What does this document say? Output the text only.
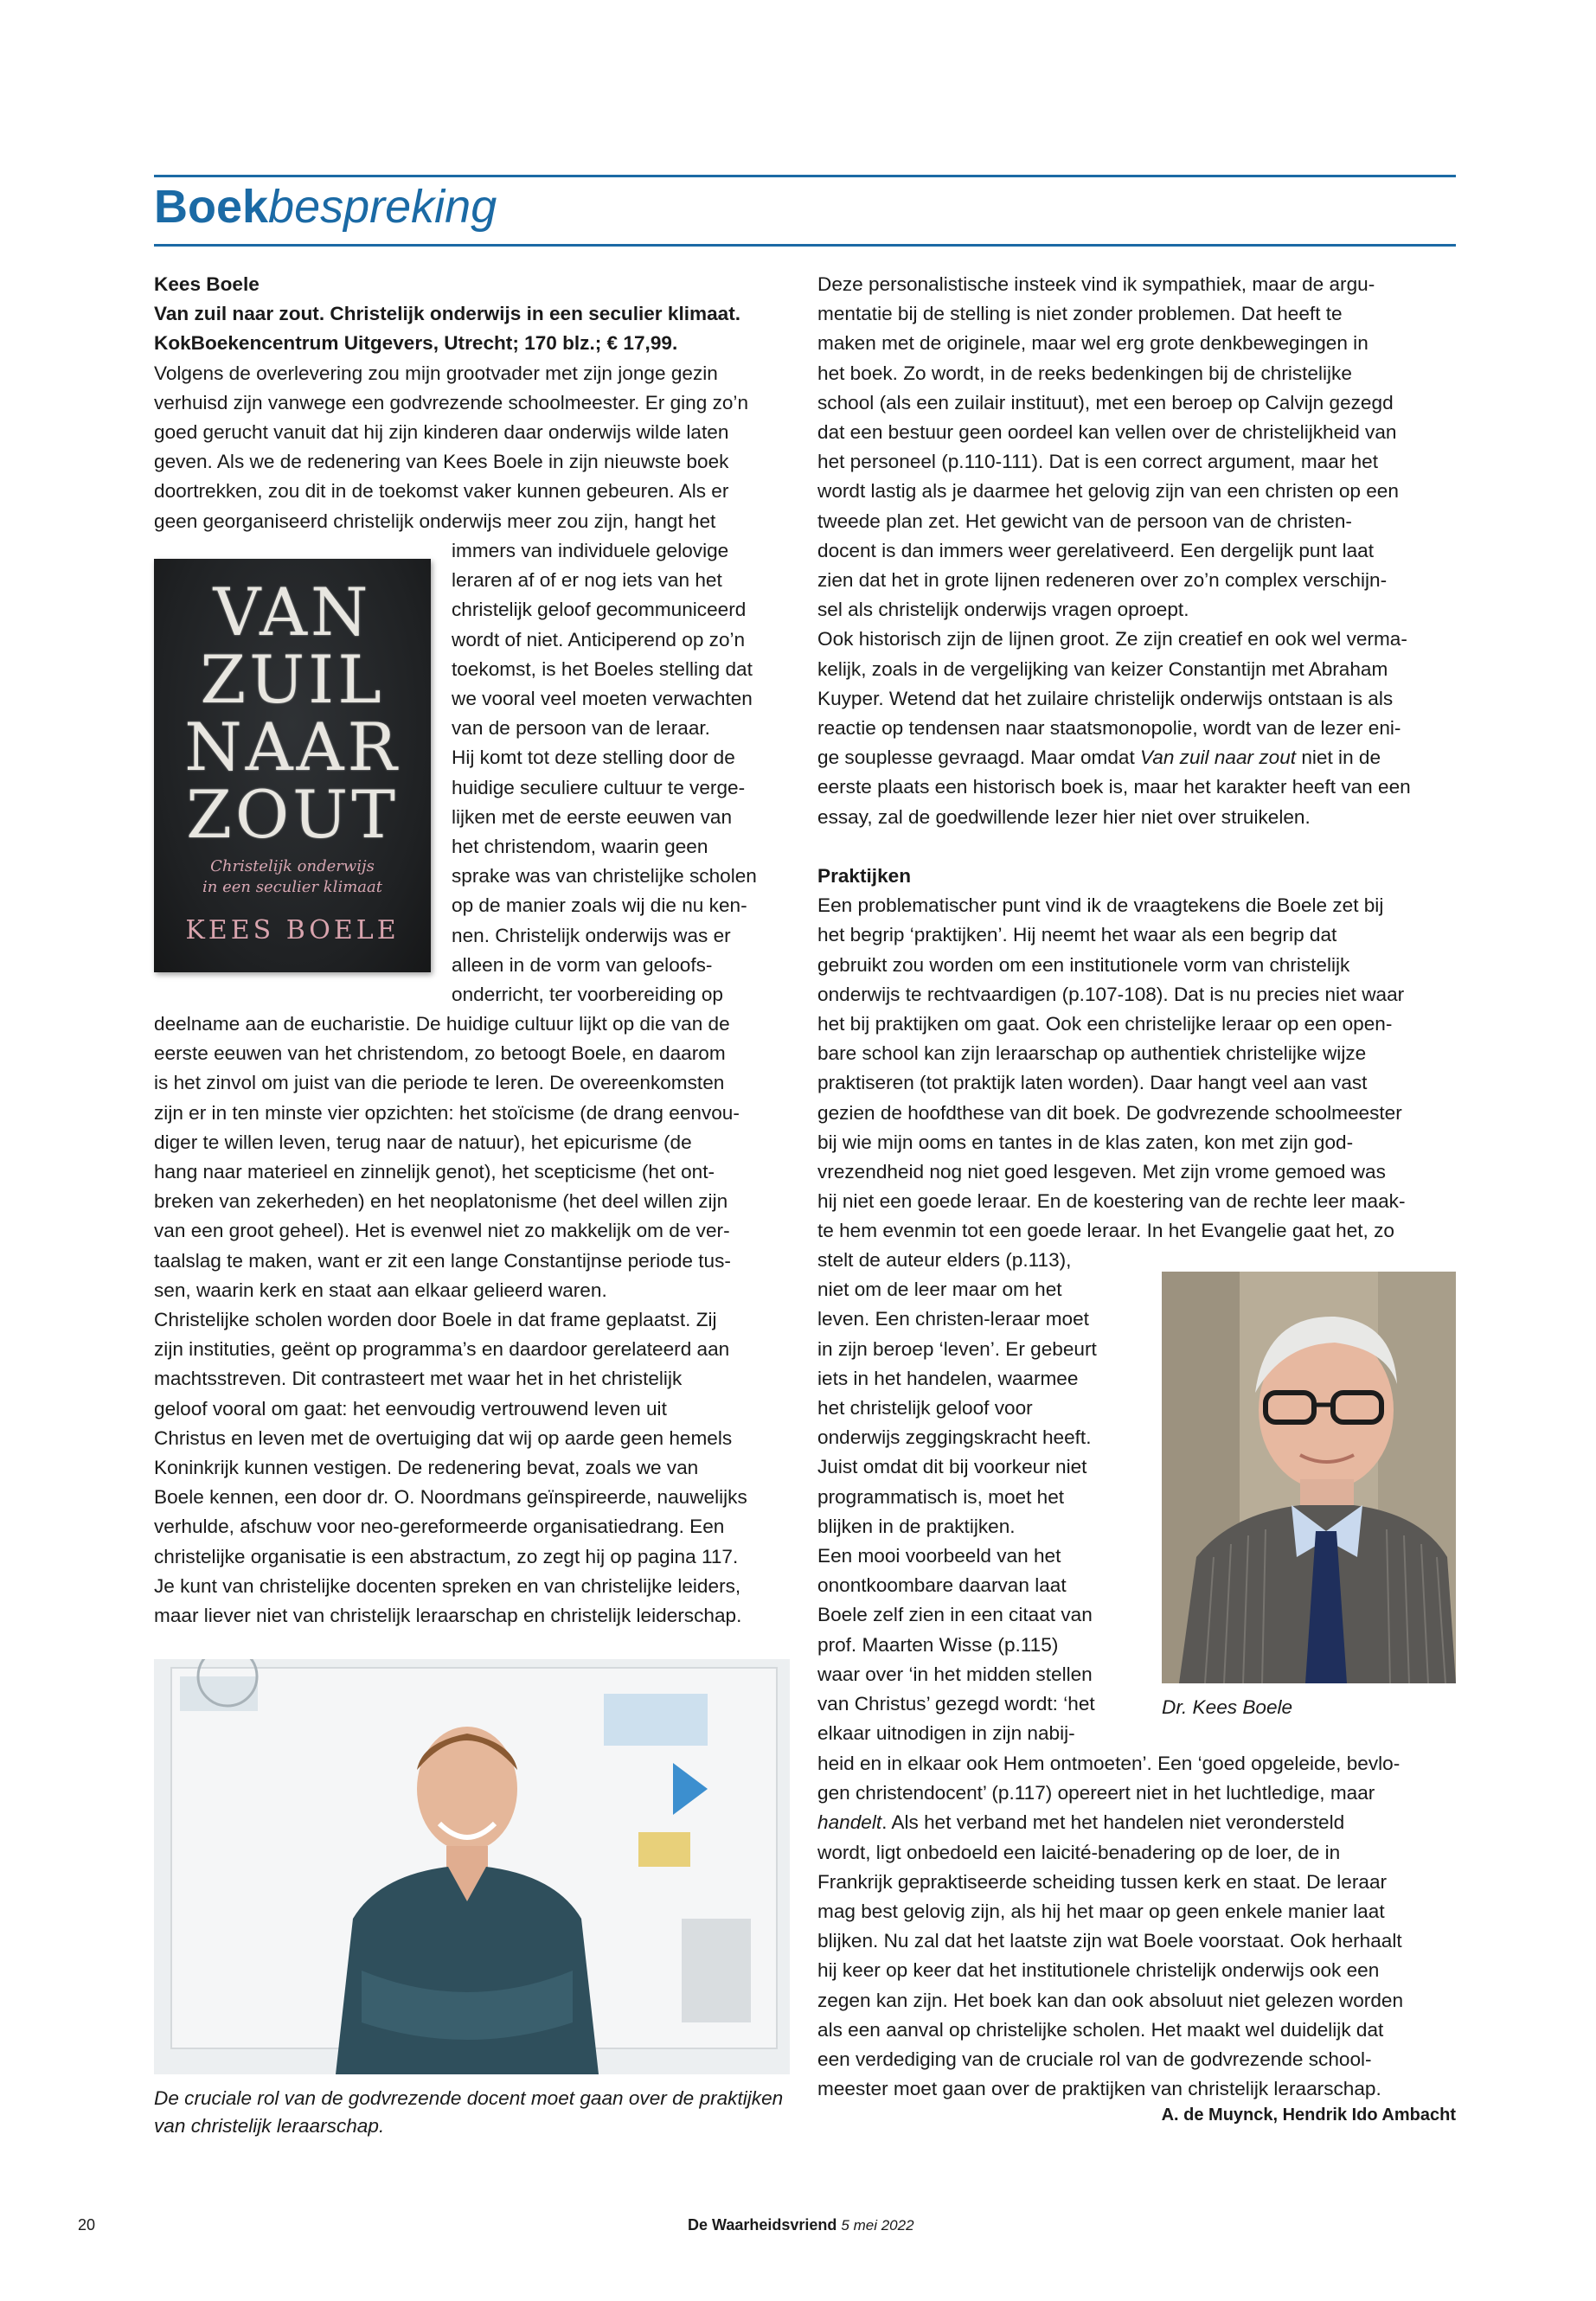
Boekbespreking
Kees Boele
Van zuil naar zout. Christelijk onderwijs in een seculier klimaat.
KokBoekencentrum Uitgevers, Utrecht; 170 blz.; € 17,99.
Volgens de overlevering zou mijn grootvader met zijn jonge gezin
verhuisd zijn vanwege een godvrezende schoolmeester. Er ging zo’n
goed gerucht vanuit dat hij zijn kinderen daar onderwijs wilde laten
geven. Als we de redenering van Kees Boele in zijn nieuwste boek
doortrekken, zou dit in de toekomst vaker kunnen gebeuren. Als er
geen georganiseerd christelijk onderwijs meer zou zijn, hangt het
VAN
ZUIL
NAAR
ZOUT
Christelijk onderwijs
in een seculier klimaat
KEES BOELE
immers van individuele gelovige
leraren af of er nog iets van het
christelijk geloof gecommuniceerd
wordt of niet. Anticiperend op zo’n
toekomst, is het Boeles stelling dat
we vooral veel moeten verwachten
van de persoon van de leraar.
Hij komt tot deze stelling door de
huidige seculiere cultuur te verge-
lijken met de eerste eeuwen van
het christendom, waarin geen
sprake was van christelijke scholen
op de manier zoals wij die nu ken-
nen. Christelijk onderwijs was er
alleen in de vorm van geloofs-
onderricht, ter voorbereiding op
deelname aan de eucharistie. De huidige cultuur lijkt op die van de
eerste eeuwen van het christendom, zo betoogt Boele, en daarom
is het zinvol om juist van die periode te leren. De overeenkomsten
zijn er in ten minste vier opzichten: het stoïcisme (de drang eenvou-
diger te willen leven, terug naar de natuur), het epicurisme (de
hang naar materieel en zinnelijk genot), het scepticisme (het ont-
breken van zekerheden) en het neoplatonisme (het deel willen zijn
van een groot geheel). Het is evenwel niet zo makkelijk om de ver-
taalslag te maken, want er zit een lange Constantijnse periode tus-
sen, waarin kerk en staat aan elkaar gelieerd waren.
Christelijke scholen worden door Boele in dat frame geplaatst. Zij
zijn instituties, geënt op programma’s en daardoor gerelateerd aan
machtsstreven. Dit contrasteert met waar het in het christelijk
geloof vooral om gaat: het eenvoudig vertrouwend leven uit
Christus en leven met de overtuiging dat wij op aarde geen hemels
Koninkrijk kunnen vestigen. De redenering bevat, zoals we van
Boele kennen, een door dr. O. Noordmans geïnspireerde, nauwelijks
verhulde, afschuw voor neo-gereformeerde organisatiedrang. Een
christelijke organisatie is een abstractum, zo zegt hij op pagina 117.
Je kunt van christelijke docenten spreken en van christelijke leiders,
maar liever niet van christelijk leraarschap en christelijk leiderschap.
De cruciale rol van de godvrezende docent moet gaan over de praktijken
van christelijk leraarschap.
Deze personalistische insteek vind ik sympathiek, maar de argu-
mentatie bij de stelling is niet zonder problemen. Dat heeft te
maken met de originele, maar wel erg grote denkbewegingen in
het boek. Zo wordt, in de reeks bedenkingen bij de christelijke
school (als een zuilair instituut), met een beroep op Calvijn gezegd
dat een bestuur geen oordeel kan vellen over de christelijkheid van
het personeel (p.110-111). Dat is een correct argument, maar het
wordt lastig als je daarmee het gelovig zijn van een christen op een
tweede plan zet. Het gewicht van de persoon van de christen-
docent is dan immers weer gerelativeerd. Een dergelijk punt laat
zien dat het in grote lijnen redeneren over zo’n complex verschijn-
sel als christelijk onderwijs vragen oproept.
Ook historisch zijn de lijnen groot. Ze zijn creatief en ook wel verma-
kelijk, zoals in de vergelijking van keizer Constantijn met Abraham
Kuyper. Wetend dat het zuilaire christelijk onderwijs ontstaan is als
reactie op tendensen naar staatsmonopolie, wordt van de lezer eni-
ge souplesse gevraagd. Maar omdat Van zuil naar zout niet in de
eerste plaats een historisch boek is, maar het karakter heeft van een
essay, zal de goedwillende lezer hier niet over struikelen.
Praktijken
Een problematischer punt vind ik de vraagtekens die Boele zet bij
het begrip ‘praktijken’. Hij neemt het waar als een begrip dat
gebruikt zou worden om een institutionele vorm van christelijk
onderwijs te rechtvaardigen (p.107-108). Dat is nu precies niet waar
het bij praktijken om gaat. Ook een christelijke leraar op een open-
bare school kan zijn leraarschap op authentiek christelijke wijze
praktiseren (tot praktijk laten worden). Daar hangt veel aan vast
gezien de hoofdthese van dit boek. De godvrezende schoolmeester
bij wie mijn ooms en tantes in de klas zaten, kon met zijn god-
vrezendheid nog niet goed lesgeven. Met zijn vrome gemoed was
hij niet een goede leraar. En de koestering van de rechte leer maak-
te hem evenmin tot een goede leraar. In het Evangelie gaat het, zo
stelt de auteur elders (p.113),
niet om de leer maar om het
leven. Een christen-leraar moet
in zijn beroep ‘leven’. Er gebeurt
iets in het handelen, waarmee
het christelijk geloof voor
onderwijs zeggingskracht heeft.
Juist omdat dit bij voorkeur niet
programmatisch is, moet het
blijken in de praktijken.
Een mooi voorbeeld van het
onontkoombare daarvan laat
Boele zelf zien in een citaat van
prof. Maarten Wisse (p.115)
waar over ‘in het midden stellen
van Christus’ gezegd wordt: ‘het
elkaar uitnodigen in zijn nabij-
Dr. Kees Boele
heid en in elkaar ook Hem ontmoeten’. Een ‘goed opgeleide, bevlo-
gen christendocent’ (p.117) opereert niet in het luchtledige, maar
handelt. Als het verband met het handelen niet verondersteld
wordt, ligt onbedoeld een laicité-benadering op de loer, de in
Frankrijk gepraktiseerde scheiding tussen kerk en staat. De leraar
mag best gelovig zijn, als hij het maar op geen enkele manier laat
blijken. Nu zal dat het laatste zijn wat Boele voorstaat. Ook herhaalt
hij keer op keer dat het institutionele christelijk onderwijs ook een
zegen kan zijn. Het boek kan dan ook absoluut niet gelezen worden
als een aanval op christelijke scholen. Het maakt wel duidelijk dat
een verdediging van de cruciale rol van de godvrezende school-
meester moet gaan over de praktijken van christelijk leraarschap.
A. de Muynck, Hendrik Ido Ambacht
20	De Waarheidsvriend 5 mei 2022
